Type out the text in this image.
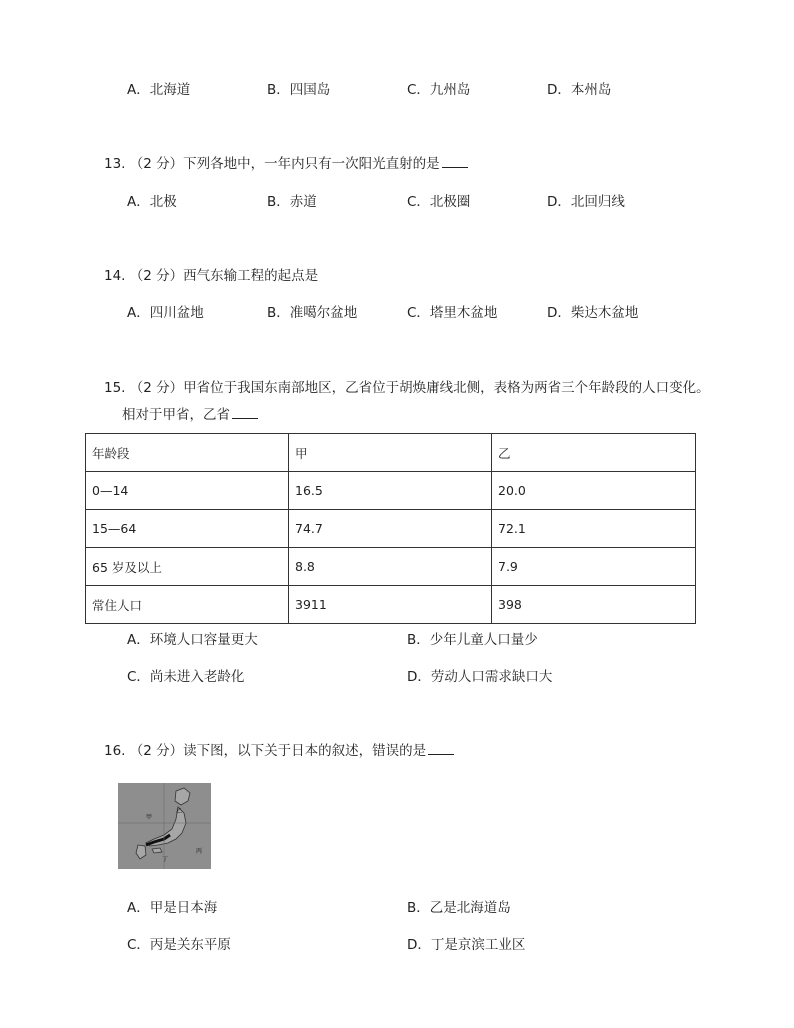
A．北海道	B．四国岛	C．九州岛	D．本州岛
13. （2 分）下列各地中，一年内只有一次阳光直射的是
A．北极	B．赤道	C．北极圈	D．北回归线
14. （2 分）西气东输工程的起点是
A．四川盆地	B．准噶尔盆地	C．塔里木盆地	D．柴达木盆地
15. （2 分）甲省位于我国东南部地区，乙省位于胡焕庸线北侧，表格为两省三个年龄段的人口变化。
相对于甲省，乙省
年龄段	甲	乙
0—14	16.5	20.0
15—64	74.7	72.1
65 岁及以上	8.8	7.9
常住人口	3911	398
A．环境人口容量更大	B．少年儿童人口量少
C．尚未进入老龄化	D．劳动人口需求缺口大
16. （2 分）读下图，以下关于日本的叙述，错误的是
甲
乙
丙
丁
A．甲是日本海	B．乙是北海道岛
C．丙是关东平原	D．丁是京滨工业区
